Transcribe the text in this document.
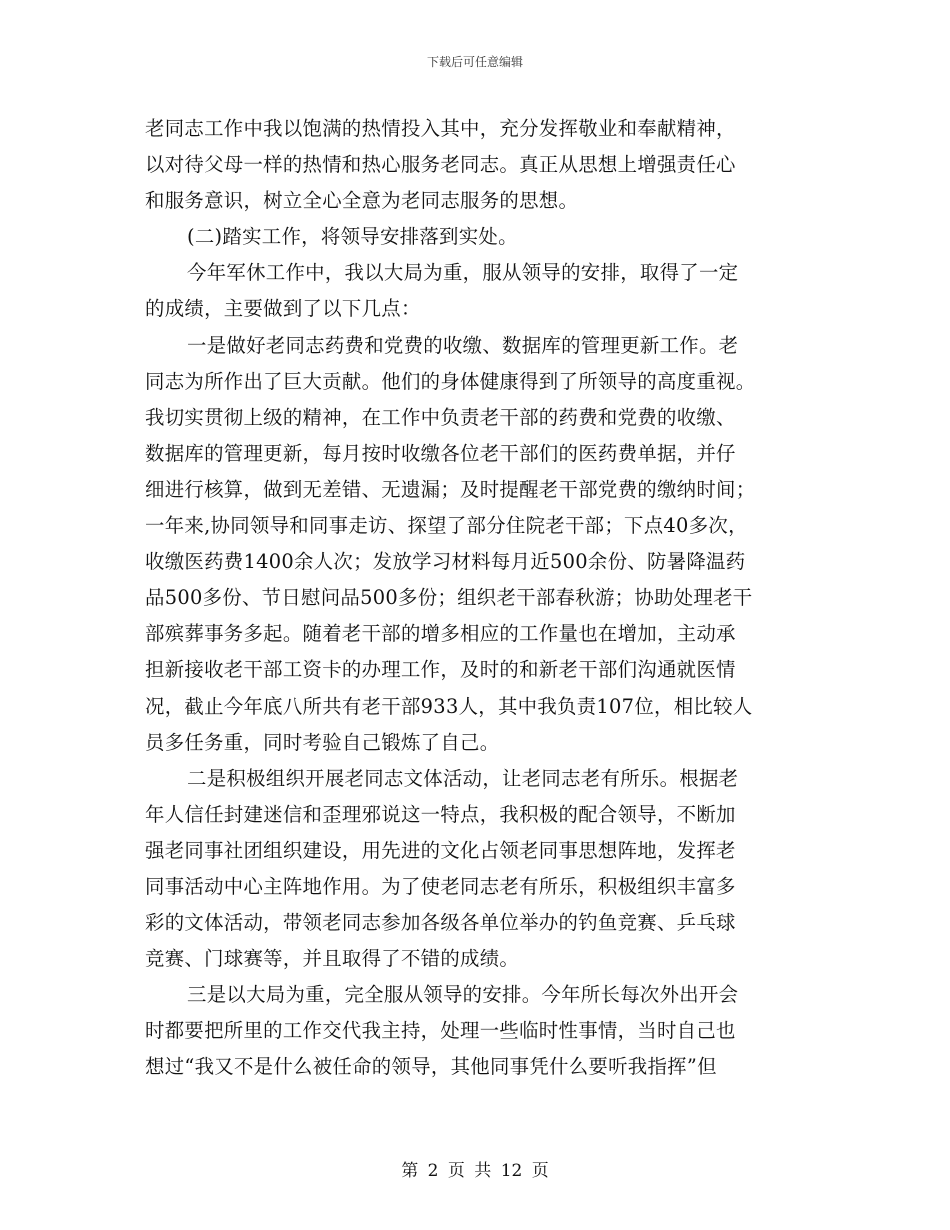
下载后可任意编辑
老同志工作中我以饱满的热情投入其中，充分发挥敬业和奉献精神，
以对待父母一样的热情和热心服务老同志。真正从思想上增强责任心
和服务意识，树立全心全意为老同志服务的思想。
(二)踏实工作，将领导安排落到实处。
今年军休工作中，我以大局为重，服从领导的安排，取得了一定
的成绩，主要做到了以下几点：
一是做好老同志药费和党费的收缴、数据库的管理更新工作。老
同志为所作出了巨大贡献。他们的身体健康得到了所领导的高度重视。
我切实贯彻上级的精神，在工作中负责老干部的药费和党费的收缴、
数据库的管理更新，每月按时收缴各位老干部们的医药费单据，并仔
细进行核算，做到无差错、无遗漏；及时提醒老干部党费的缴纳时间；
一年来,协同领导和同事走访、探望了部分住院老干部；下点40多次，
收缴医药费1400余人次；发放学习材料每月近500余份、防暑降温药
品500多份、节日慰问品500多份；组织老干部春秋游；协助处理老干
部殡葬事务多起。随着老干部的增多相应的工作量也在增加，主动承
担新接收老干部工资卡的办理工作，及时的和新老干部们沟通就医情
况，截止今年底八所共有老干部933人，其中我负责107位，相比较人
员多任务重，同时考验自己锻炼了自己。
二是积极组织开展老同志文体活动，让老同志老有所乐。根据老
年人信任封建迷信和歪理邪说这一特点，我积极的配合领导，不断加
强老同事社团组织建设，用先进的文化占领老同事思想阵地，发挥老
同事活动中心主阵地作用。为了使老同志老有所乐，积极组织丰富多
彩的文体活动，带领老同志参加各级各单位举办的钓鱼竞赛、乒乓球
竞赛、门球赛等，并且取得了不错的成绩。
三是以大局为重，完全服从领导的安排。今年所长每次外出开会
时都要把所里的工作交代我主持，处理一些临时性事情，当时自己也
想过“我又不是什么被任命的领导，其他同事凭什么要听我指挥”但
第 2 页 共 12 页
